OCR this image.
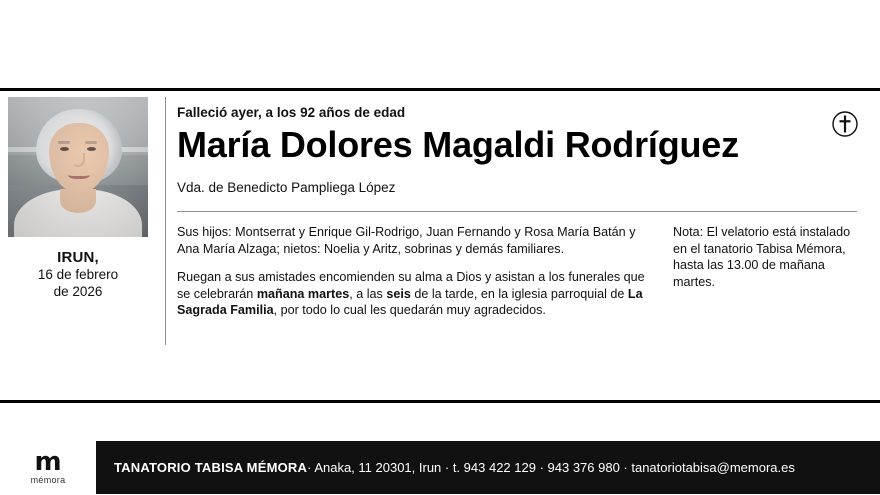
IRUN,
16 de febrero
de 2026

Falleció ayer, a los 92 años de edad

María Dolores Magaldi Rodríguez

Vda. de Benedicto Pampliega López

Sus hijos: Montserrat y Enrique Gil-Rodrigo, Juan Fernando y Rosa María Batán y Ana María Alzaga; nietos: Noelia y Aritz, sobrinas y demás familiares.

Ruegan a sus amistades encomienden su alma a Dios y asistan a los funerales que se celebrarán mañana martes, a las seis de la tarde, en la iglesia parroquial de La Sagrada Familia, por todo lo cual les quedarán muy agradecidos.

Nota: El velatorio está instalado en el tanatorio Tabisa Mémora, hasta las 13.00 de mañana martes.

m
mémora
TANATORIO TABISA MÉMORA· Anaka, 11 20301, Irun · t. 943 422 129 · 943 376 980 · tanatoriotabisa@memora.es
